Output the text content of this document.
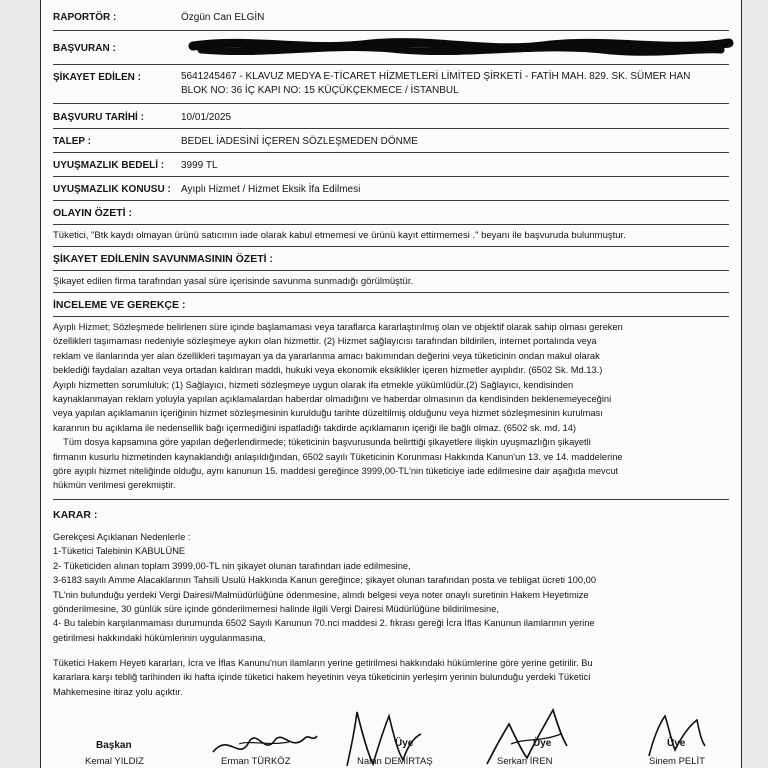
RAPORTÖR :	Özgün Can ELGİN
BAŞVURAN :
ŞİKAYET EDİLEN :	5641245467 - KLAVUZ MEDYA E-TİCARET HİZMETLERİ LİMİTED ŞİRKETİ - FATİH MAH. 829. SK. SÜMER HAN
BLOK NO: 36 İÇ KAPI NO: 15 KÜÇÜKÇEKMECE / İSTANBUL
BAŞVURU TARİHİ :	10/01/2025
TALEP :	BEDEL İADESİNİ İÇEREN SÖZLEŞMEDEN DÖNME
UYUŞMAZLIK BEDELİ :	3999 TL
UYUŞMAZLIK KONUSU :	Ayıplı Hizmet / Hizmet Eksik İfa Edilmesi
OLAYIN ÖZETİ :
Tüketici, "Btk kaydı olmayan ürünü satıcının iade olarak kabul etmemesi ve ürünü kayıt ettirmemesi ." beyanı ile başvuruda bulunmuştur.
ŞİKAYET EDİLENİN SAVUNMASININ ÖZETİ :
Şikayet edilen firma tarafından yasal süre içerisinde savunma sunmadığı görülmüştür.
İNCELEME VE GEREKÇE :
Ayıplı Hizmet; Sözleşmede belirlenen süre içinde başlamaması veya taraflarca kararlaştırılmış olan ve objektif olarak sahip olması gereken
özellikleri taşımaması nedeniyle sözleşmeye aykırı olan hizmettir. (2) Hizmet sağlayıcısı tarafından bildirilen, internet portalında veya
reklam ve ilanlarında yer alan özellikleri taşımayan ya da yararlanma amacı bakımından değerini veya tüketicinin ondan makul olarak
beklediği faydaları azaltan veya ortadan kaldıran maddi, hukuki veya ekonomik eksiklikler içeren hizmetler ayıplıdır. (6502 Sk. Md.13.)
Ayıplı hizmetten sorumluluk; (1) Sağlayıcı, hizmeti sözleşmeye uygun olarak ifa etmekle yükümlüdür.(2) Sağlayıcı, kendisinden
kaynaklanmayan reklam yoluyla yapılan açıklamalardan haberdar olmadığını ve haberdar olmasının da kendisinden beklenemeyeceğini
veya yapılan açıklamanın içeriğinin hizmet sözleşmesinin kurulduğu tarihte düzeltilmiş olduğunu veya hizmet sözleşmesinin kurulması
kararının bu açıklama ile nedensellik bağı içermediğini ispatladığı takdirde açıklamanın içeriği ile bağlı olmaz. (6502 sk. md. 14)
Tüm dosya kapsamına göre yapılan değerlendirmede; tüketicinin başvurusunda belirttiği şikayetlere ilişkin uyuşmazlığın şikayetli
firmanın kusurlu hizmetinden kaynaklandığı anlaşıldığından, 6502 sayılı Tüketicinin Korunması Hakkında Kanun'un 13. ve 14. maddelerine
göre ayıplı hizmet niteliğinde olduğu, aynı kanunun 15. maddesi gereğince 3999,00-TL'nin tüketiciye iade edilmesine dair aşağıda mevcut
hükmün verilmesi gerekmiştir.
KARAR :
Gerekçesi Açıklanan Nedenlerle :
1-Tüketici Talebinin KABULÜNE
2- Tüketiciden alınan toplam 3999,00-TL nin şikayet olunan tarafından iade edilmesine,
3-6183 sayılı Amme Alacaklarının Tahsili Usulü Hakkında Kanun gereğince; şikayet olunan tarafından posta ve tebligat ücreti 100,00
TL'nin bulunduğu yerdeki Vergi Dairesi/Malmüdürlüğüne ödenmesine, alındı belgesi veya noter onaylı suretinin Hakem Heyetimize
gönderilmesine, 30 günlük süre içinde gönderilmemesi halinde ilgili Vergi Dairesi Müdürlüğüne bildirilmesine,
4- Bu talebin karşılanmaması durumunda 6502 Sayılı Kanunun 70.nci maddesi 2. fıkrası gereği İcra İflas Kanunun ilamlarının yerine
getirilmesi hakkındaki hükümlerinin uygulanmasına,
Tüketici Hakem Heyeti kararları, İcra ve İflas Kanunu'nun ilamların yerine getirilmesi hakkındaki hükümlerine göre yerine getirilir. Bu
kararlara karşı tebliğ tarihinden iki hafta içinde tüketici hakem heyetinin veya tüketicinin yerleşim yerinin bulunduğu yerdeki Tüketici
Mahkemesine itiraz yolu açıktır.
Başkan
Kemal YILDIZ	Erman TÜRKÖZ
Üye
Nalan DEMİRTAŞ
Üye
Serkan İREN
Üye
Sinem PELİT
